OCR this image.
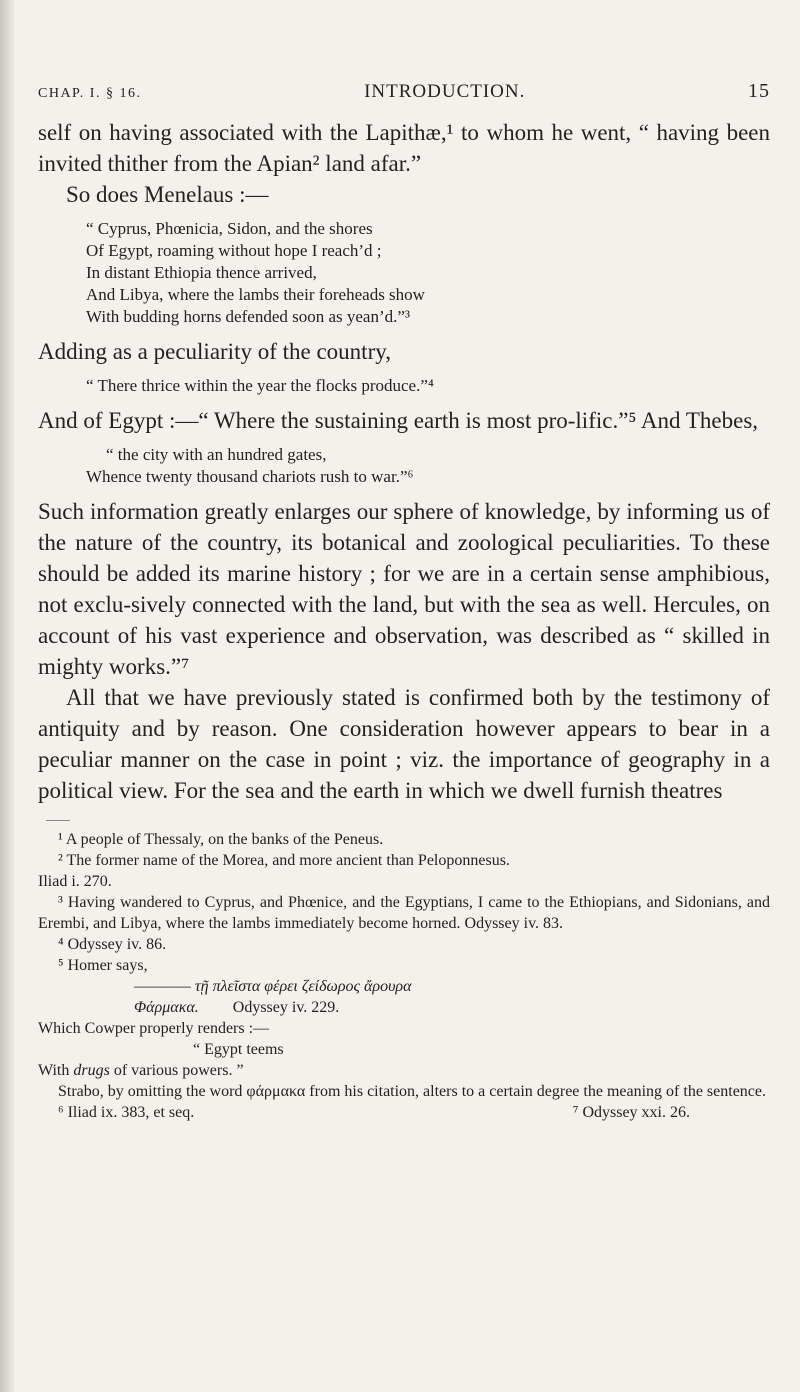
CHAP. I. § 16.	INTRODUCTION.	15

self on having associated with the Lapithæ,¹ to whom he went, “ having been invited thither from the Apian² land afar.”

So does Menelaus :—

“ Cyprus, Phœnicia, Sidon, and the shores
Of Egypt, roaming without hope I reach’d ;
In distant Ethiopia thence arrived,
And Libya, where the lambs their foreheads show
With budding horns defended soon as yean’d.”³

Adding as a peculiarity of the country,

“ There thrice within the year the flocks produce.”⁴

And of Egypt :—“ Where the sustaining earth is most pro-lific.”⁵ And Thebes,

“ the city with an hundred gates,
Whence twenty thousand chariots rush to war.”⁶

Such information greatly enlarges our sphere of knowledge, by informing us of the nature of the country, its botanical and zoological peculiarities. To these should be added its marine history ; for we are in a certain sense amphibious, not exclu-sively connected with the land, but with the sea as well. Hercules, on account of his vast experience and observation, was described as “ skilled in mighty works.”⁷

All that we have previously stated is confirmed both by the testimony of antiquity and by reason. One consideration however appears to bear in a peculiar manner on the case in point ; viz. the importance of geography in a political view. For the sea and the earth in which we dwell furnish theatres

¹ A people of Thessaly, on the banks of the Peneus.

² The former name of the Morea, and more ancient than Peloponnesus.

Iliad i. 270.

³ Having wandered to Cyprus, and Phœnice, and the Egyptians, I came to the Ethiopians, and Sidonians, and Erembi, and Libya, where the lambs immediately become horned. Odyssey iv. 83.

⁴ Odyssey iv. 86.

⁵ Homer says,

———— τῇ πλεῖστα φέρει ζείδωρος ἄρουρα

Φάρμακα. Odyssey iv. 229.

Which Cowper properly renders :—

“ Egypt teems

With drugs of various powers. ”

Strabo, by omitting the word φάρμακα from his citation, alters to a certain degree the meaning of the sentence.

⁶ Iliad ix. 383, et seq.	⁷ Odyssey xxi. 26.
